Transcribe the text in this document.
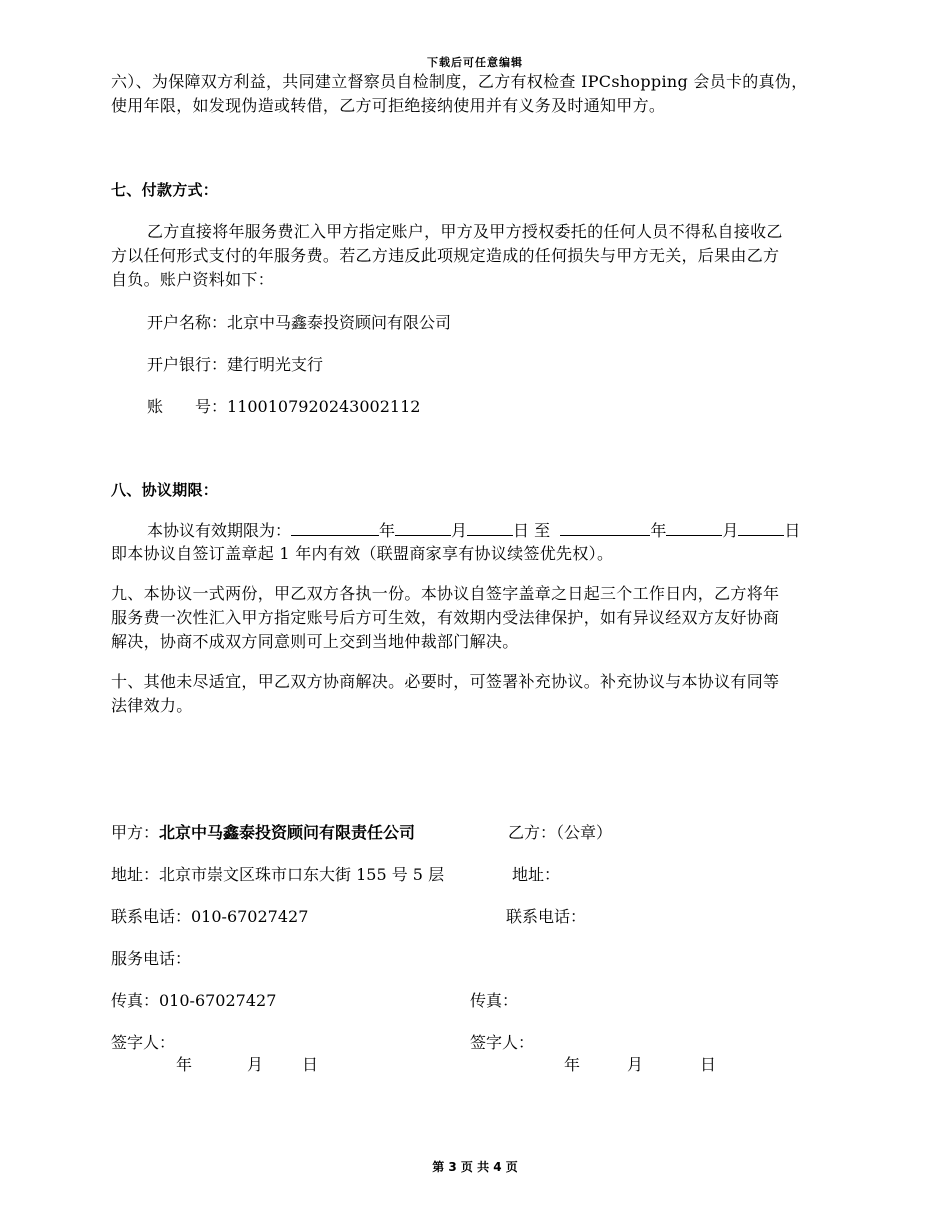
下载后可任意编辑
六）、为保障双方利益，共同建立督察员自检制度，乙方有权检查 IPCshopping 会员卡的真伪，
使用年限，如发现伪造或转借，乙方可拒绝接纳使用并有义务及时通知甲方。
七、付款方式：
乙方直接将年服务费汇入甲方指定账户，甲方及甲方授权委托的任何人员不得私自接收乙
方以任何形式支付的年服务费。若乙方违反此项规定造成的任何损失与甲方无关，后果由乙方
自负。账户资料如下：
开户名称：北京中马鑫泰投资顾问有限公司
开户银行：建行明光支行
账　　号：1100107920243002112
八、协议期限：
本协议有效期限为：	年	月	日 至	年	月	日
即本协议自签订盖章起 1 年内有效（联盟商家享有协议续签优先权）。
九、本协议一式两份，甲乙双方各执一份。本协议自签字盖章之日起三个工作日内，乙方将年
服务费一次性汇入甲方指定账号后方可生效，有效期内受法律保护，如有异议经双方友好协商
解决，协商不成双方同意则可上交到当地仲裁部门解决。
十、其他未尽适宜，甲乙双方协商解决。必要时，可签署补充协议。补充协议与本协议有同等
法律效力。
甲方：北京中马鑫泰投资顾问有限责任公司	乙方：（公章）
地址：北京市崇文区珠市口东大街 155 号 5 层	地址：
联系电话：010-67027427	联系电话：
服务电话：
传真：010-67027427	传真：
签字人：	签字人：
年	月 日	年	月	日
第 3 页 共 4 页
